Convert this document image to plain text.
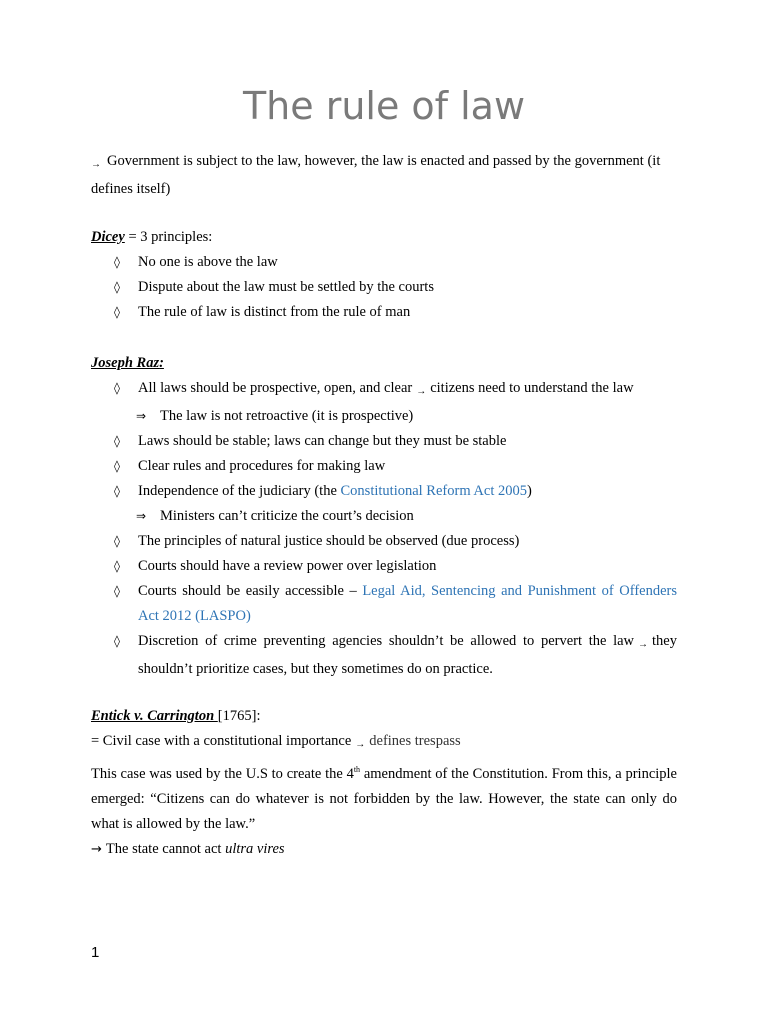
The rule of law
→ Government is subject to the law, however, the law is enacted and passed by the government (it defines itself)
Dicey = 3 principles:
◊ No one is above the law
◊ Dispute about the law must be settled by the courts
◊ The rule of law is distinct from the rule of man
Joseph Raz:
◊ All laws should be prospective, open, and clear → citizens need to understand the law
⇒ The law is not retroactive (it is prospective)
◊ Laws should be stable; laws can change but they must be stable
◊ Clear rules and procedures for making law
◊ Independence of the judiciary (the Constitutional Reform Act 2005)
⇒ Ministers can’t criticize the court’s decision
◊ The principles of natural justice should be observed (due process)
◊ Courts should have a review power over legislation
◊ Courts should be easily accessible – Legal Aid, Sentencing and Punishment of Offenders Act 2012 (LASPO)
◊ Discretion of crime preventing agencies shouldn’t be allowed to pervert the law → they shouldn’t prioritize cases, but they sometimes do on practice.
Entick v. Carrington [1765]:
= Civil case with a constitutional importance → defines trespass
This case was used by the U.S to create the 4th amendment of the Constitution. From this, a principle emerged: “Citizens can do whatever is not forbidden by the law. However, the state can only do what is allowed by the law.”
→ The state cannot act ultra vires
1
